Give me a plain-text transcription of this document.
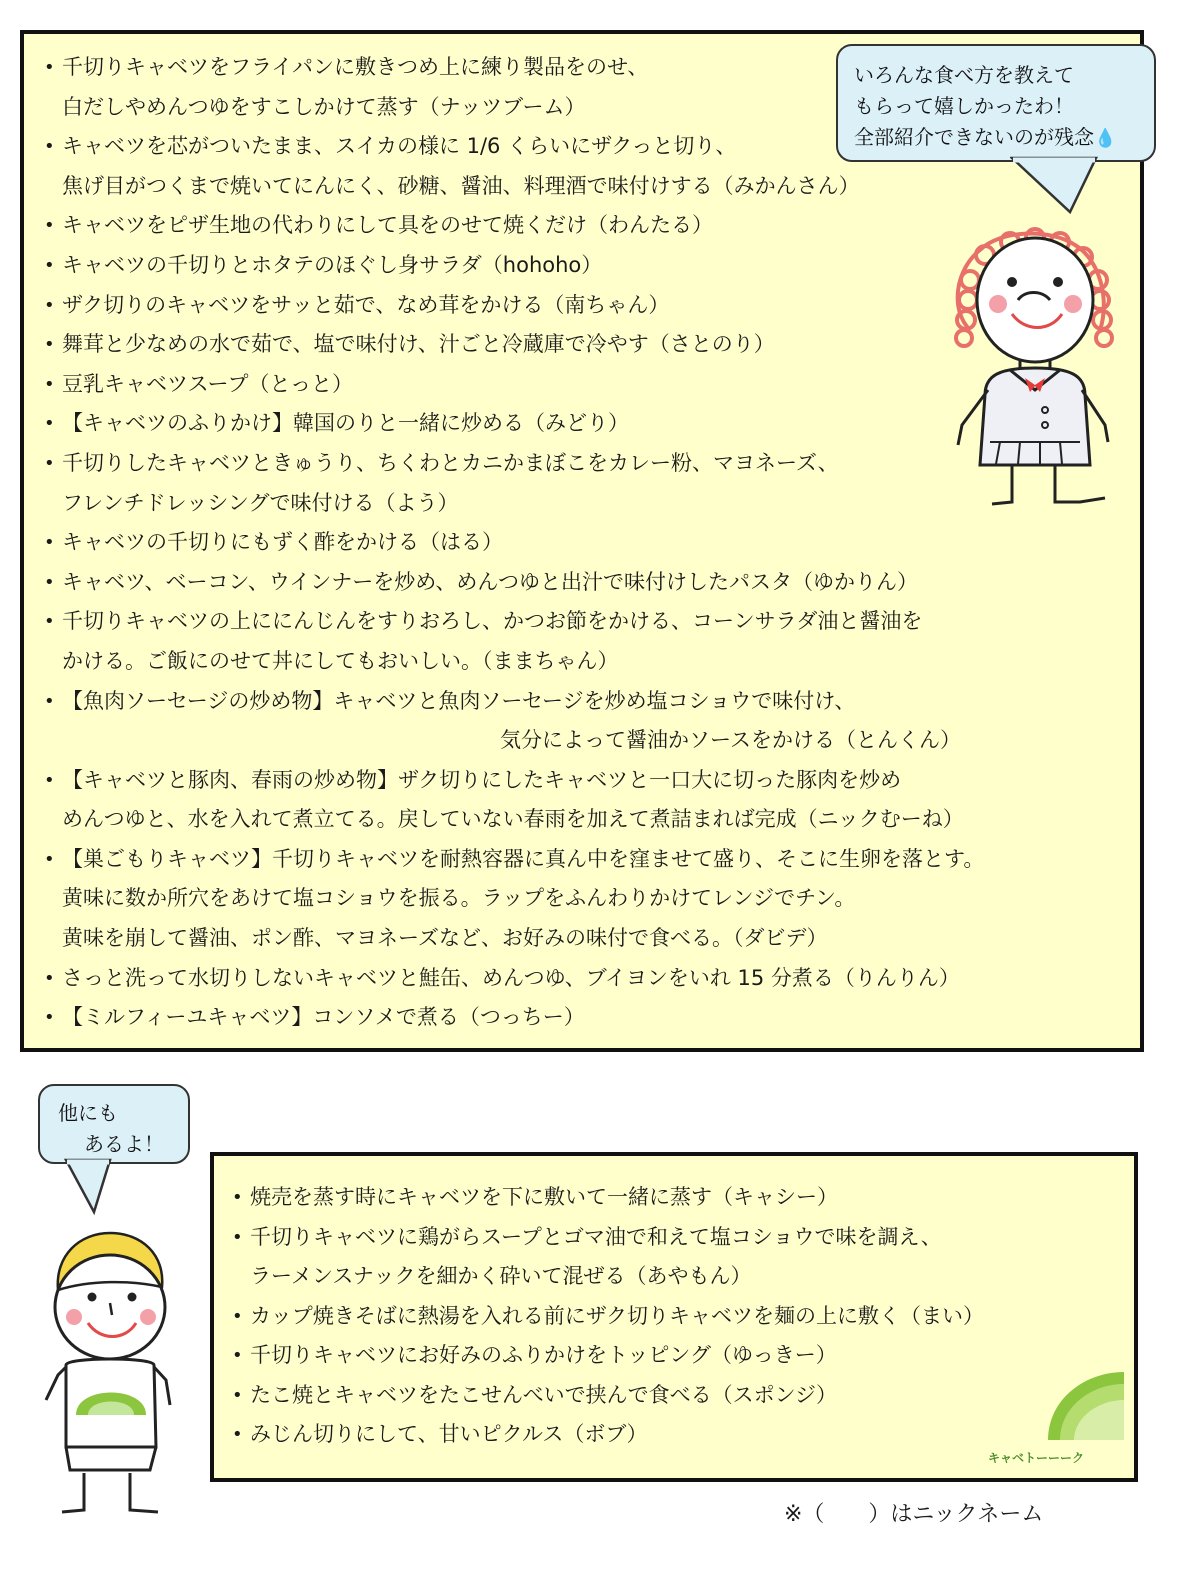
• 千切りキャベツをフライパンに敷きつめ上に練り製品をのせ、
白だしやめんつゆをすこしかけて蒸す（ナッツブーム）
• キャベツを芯がついたまま、スイカの様に 1/6 くらいにザクっと切り、
焦げ目がつくまで焼いてにんにく、砂糖、醤油、料理酒で味付けする（みかんさん）
• キャベツをピザ生地の代わりにして具をのせて焼くだけ（わんたる）
• キャベツの千切りとホタテのほぐし身サラダ（hohoho）
• ザク切りのキャベツをサッと茹で、なめ茸をかける（南ちゃん）
• 舞茸と少なめの水で茹で、塩で味付け、汁ごと冷蔵庫で冷やす（さとのり）
• 豆乳キャベツスープ（とっと）
• 【キャベツのふりかけ】韓国のりと一緒に炒める（みどり）
• 千切りしたキャベツときゅうり、ちくわとカニかまぼこをカレー粉、マヨネーズ、
フレンチドレッシングで味付ける（よう）
• キャベツの千切りにもずく酢をかける（はる）
• キャベツ、ベーコン、ウインナーを炒め、めんつゆと出汁で味付けしたパスタ（ゆかりん）
• 千切りキャベツの上ににんじんをすりおろし、かつお節をかける、コーンサラダ油と醤油を
かける。ご飯にのせて丼にしてもおいしい。（ままちゃん）
• 【魚肉ソーセージの炒め物】キャベツと魚肉ソーセージを炒め塩コショウで味付け、
気分によって醤油かソースをかける（とんくん）
• 【キャベツと豚肉、春雨の炒め物】ザク切りにしたキャベツと一口大に切った豚肉を炒め
めんつゆと、水を入れて煮立てる。戻していない春雨を加えて煮詰まれば完成（ニックむーね）
• 【巣ごもりキャベツ】千切りキャベツを耐熱容器に真ん中を窪ませて盛り、そこに生卵を落とす。
黄味に数か所穴をあけて塩コショウを振る。ラップをふんわりかけてレンジでチン。
黄味を崩して醤油、ポン酢、マヨネーズなど、お好みの味付で食べる。（ダビデ）
• さっと洗って水切りしないキャベツと鮭缶、めんつゆ、ブイヨンをいれ 15 分煮る（りんりん）
• 【ミルフィーユキャベツ】コンソメで煮る（つっちー）
いろんな食べ方を教えて
もらって嬉しかったわ！
全部紹介できないのが残念💧
他にも
あるよ！
• 焼売を蒸す時にキャベツを下に敷いて一緒に蒸す（キャシー）
• 千切りキャベツに鶏がらスープとゴマ油で和えて塩コショウで味を調え、
ラーメンスナックを細かく砕いて混ぜる（あやもん）
• カップ焼きそばに熱湯を入れる前にザク切りキャベツを麺の上に敷く（まい）
• 千切りキャベツにお好みのふりかけをトッピング（ゆっきー）
• たこ焼とキャベツをたこせんべいで挟んで食べる（スポンジ）
• みじん切りにして、甘いピクルス（ボブ）
キャベトーーーク
※（　　）はニックネーム
